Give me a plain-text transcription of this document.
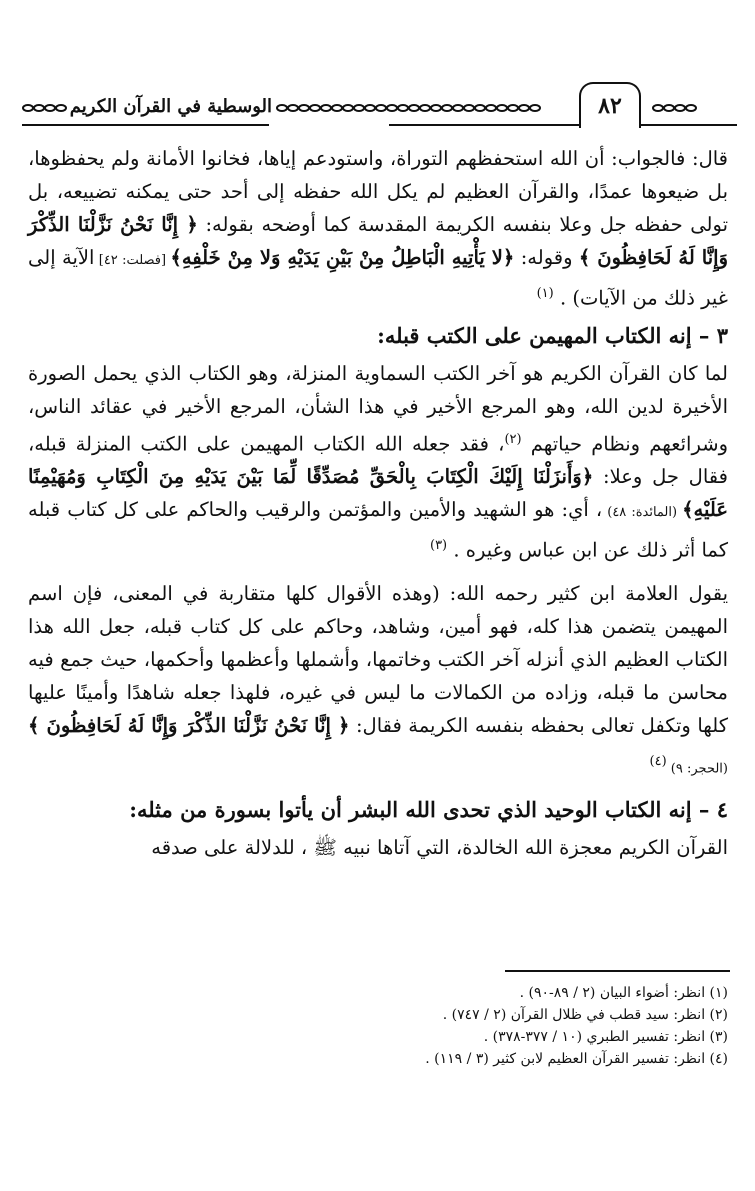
الوسطية في القرآن الكريم	٨٢

قال: فالجواب: أن الله استحفظهم التوراة، واستودعم إياها، فخانوا الأمانة ولم يحفظوها، بل ضيعوها عمدًا، والقرآن العظيم لم يكل الله حفظه إلى أحد حتى يمكنه تضييعه، بل تولى حفظه جل وعلا بنفسه الكريمة المقدسة كما أوضحه بقوله: ﴿ إِنَّا نَحْنُ نَزَّلْنَا الذِّكْرَ وَإِنَّا لَهُ لَحَافِظُونَ ﴾ وقوله: ﴿لا يَأْتِيهِ الْبَاطِلُ مِنْ بَيْنِ يَدَيْهِ وَلا مِنْ خَلْفِهِ﴾ [فصلت: ٤٢] الآية إلى غير ذلك من الآيات) . $^{(١)}$

٣ – إنه الكتاب المهيمن على الكتب قبله:

لما كان القرآن الكريم هو آخر الكتب السماوية المنزلة، وهو الكتاب الذي يحمل الصورة الأخيرة لدين الله، وهو المرجع الأخير في هذا الشأن، المرجع الأخير في عقائد الناس، وشرائعهم ونظام حياتهم $^{(٢)}$، فقد جعله الله الكتاب المهيمن على الكتب المنزلة قبله، فقال جل وعلا: ﴿وَأَنزَلْنَا إِلَيْكَ الْكِتَابَ بِالْحَقِّ مُصَدِّقًا لِّمَا بَيْنَ يَدَيْهِ مِنَ الْكِتَابِ وَمُهَيْمِنًا عَلَيْهِ﴾ (المائدة: ٤٨) ، أي: هو الشهيد والأمين والمؤتمن والرقيب والحاكم على كل كتاب قبله كما أثر ذلك عن ابن عباس وغيره . $^{(٣)}$

يقول العلامة ابن كثير رحمه الله: (وهذه الأقوال كلها متقاربة في المعنى، فإن اسم المهيمن يتضمن هذا كله، فهو أمين، وشاهد، وحاكم على كل كتاب قبله، جعل الله هذا الكتاب العظيم الذي أنزله آخر الكتب وخاتمها، وأشملها وأعظمها وأحكمها، حيث جمع فيه محاسن ما قبله، وزاده من الكمالات ما ليس في غيره، فلهذا جعله شاهدًا وأمينًا عليها كلها وتكفل تعالى بحفظه بنفسه الكريمة فقال: ﴿ إِنَّا نَحْنُ نَزَّلْنَا الذِّكْرَ وَإِنَّا لَهُ لَحَافِظُونَ ﴾ (الحجر: ٩) $^{(٤)}$

٤ – إنه الكتاب الوحيد الذي تحدى الله البشر أن يأتوا بسورة من مثله:

القرآن الكريم معجزة الله الخالدة، التي آتاها نبيه ﷺ ، للدلالة على صدقه

(١) انظر: أضواء البيان (٢ / ٨٩-٩٠) .
(٢) انظر: سيد قطب في ظلال القرآن (٢ / ٧٤٧) .
(٣) انظر: تفسير الطبري (١٠ / ٣٧٧-٣٧٨) .
(٤) انظر: تفسير القرآن العظيم لابن كثير (٣ / ١١٩) .
